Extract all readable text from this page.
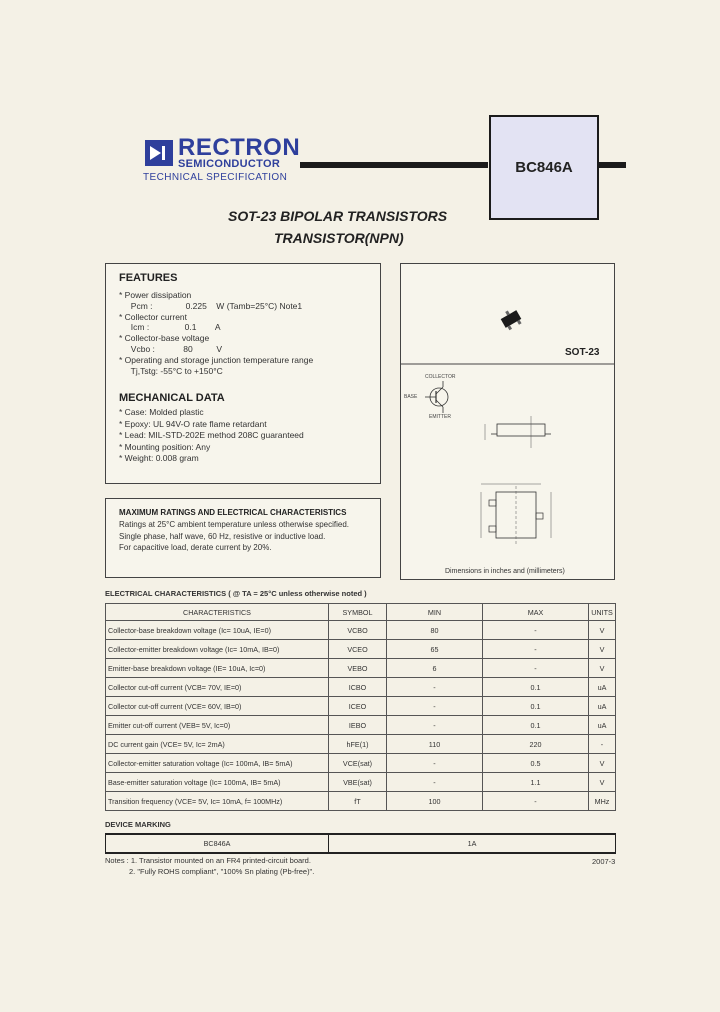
RECTRON
SEMICONDUCTOR
TECHNICAL SPECIFICATION
BC846A
SOT-23 BIPOLAR TRANSISTORS
TRANSISTOR(NPN)
FEATURES
* Power dissipation
Pcm :              0.225    W (Tamb=25°C) Note1
* Collector current
Icm :               0.1        A
* Collector-base voltage
Vcbo :            80          V
* Operating and storage junction temperature range
Tj,Tstg: -55°C to +150°C
MECHANICAL DATA
* Case: Molded plastic
* Epoxy: UL 94V-O rate flame retardant
* Lead: MIL-STD-202E method 208C guaranteed
* Mounting position: Any
* Weight: 0.008 gram
MAXIMUM RATINGS AND ELECTRICAL CHARACTERISTICS
Ratings at 25°C ambient temperature unless otherwise specified.
Single phase, half wave, 60 Hz, resistive or inductive load.
For capacitive load, derate current by 20%.
SOT-23
COLLECTOR
BASE
EMITTER
Dimensions in inches and (millimeters)
ELECTRICAL CHARACTERISTICS ( @ TA = 25°C unless otherwise noted )
CHARACTERISTICS	SYMBOL	MIN	MAX	UNITS
Collector-base breakdown voltage (Ic= 10uA, IE=0)	VCBO	80	-	V
Collector-emitter breakdown voltage (Ic= 10mA, IB=0)	VCEO	65	-	V
Emitter-base breakdown voltage (IE= 10uA, Ic=0)	VEBO	6	-	V
Collector cut-off current (VCB= 70V, IE=0)	ICBO	-	0.1	uA
Collector cut-off current (VCE= 60V, IB=0)	ICEO	-	0.1	uA
Emitter cut-off current (VEB= 5V, Ic=0)	IEBO	-	0.1	uA
DC current gain (VCE= 5V, Ic= 2mA)	hFE(1)	110	220	-
Collector-emitter saturation voltage (Ic= 100mA, IB= 5mA)	VCE(sat)	-	0.5	V
Base-emitter saturation voltage (Ic= 100mA, IB= 5mA)	VBE(sat)	-	1.1	V
Transition frequency (VCE= 5V, Ic= 10mA, f= 100MHz)	fT	100	-	MHz
DEVICE MARKING
BC846A	1A
Notes : 1. Transistor mounted on an FR4 printed-circuit board.
2. "Fully ROHS compliant", "100% Sn plating (Pb-free)".
2007-3
